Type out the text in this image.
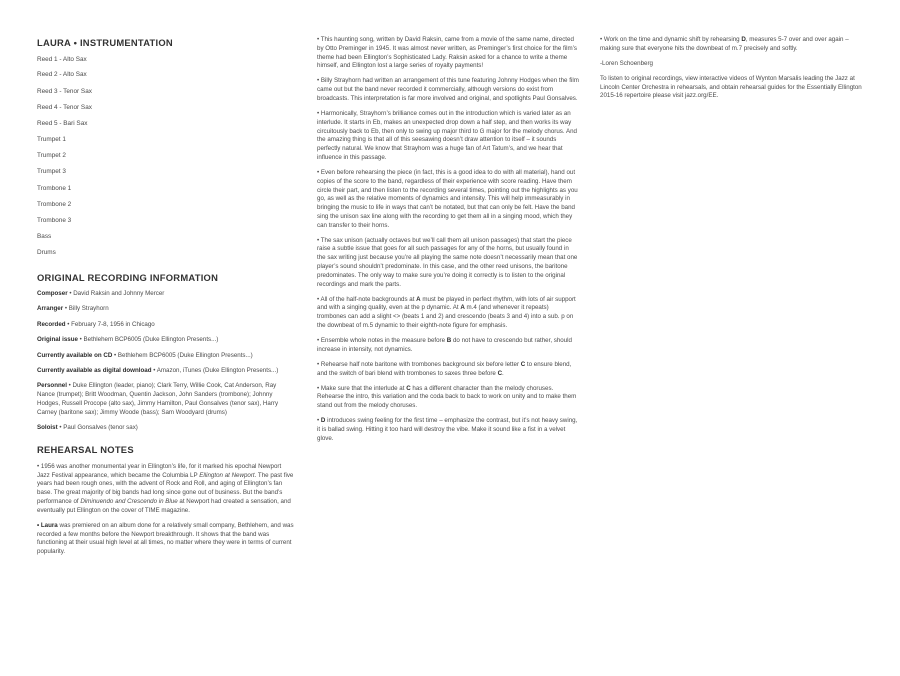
LAURA • INSTRUMENTATION
Reed 1 - Alto Sax
Reed 2 - Alto Sax
Reed 3 - Tenor Sax
Reed 4 - Tenor Sax
Reed 5 - Bari Sax
Trumpet 1
Trumpet 2
Trumpet 3
Trombone 1
Trombone 2
Trombone 3
Bass
Drums
ORIGINAL RECORDING INFORMATION

Composer • David Raksin and Johnny Mercer

Arranger • Billy Strayhorn

Recorded • February 7-8, 1956 in Chicago

Original issue • Bethlehem BCP6005 (Duke Ellington Presents...)

Currently available on CD • Bethlehem BCP6005 (Duke Ellington Presents...)

Currently available as digital download • Amazon, iTunes (Duke Ellington Presents...)

Personnel • Duke Ellington (leader, piano); Clark Terry, Willie Cook, Cat Anderson, Ray Nance (trumpet); Britt Woodman, Quentin Jackson, John Sanders (trombone); Johnny Hodges, Russell Procope (alto sax), Jimmy Hamilton, Paul Gonsalves (tenor sax), Harry Carney (baritone sax); Jimmy Woode (bass); Sam Woodyard (drums)

Soloist • Paul Gonsalves (tenor sax)

REHEARSAL NOTES

• 1956 was another monumental year in Ellington’s life, for it marked his epochal Newport Jazz Festival appearance, which became the Columbia LP Ellington at Newport. The past five years had been rough ones, with the advent of Rock and Roll, and aging of Ellington’s fan base. The great majority of big bands had long since gone out of business. But the band’s performance of Diminuendo and Crescendo in Blue at Newport had created a sensation, and eventually put Ellington on the cover of TIME magazine.

• Laura was premiered on an album done for a relatively small company, Bethlehem, and was recorded a few months before the Newport breakthrough. It shows that the band was functioning at their usual high level at all times, no matter where they were in terms of current popularity.

• This haunting song, written by David Raksin, came from a movie of the same name, directed by Otto Preminger in 1945. It was almost never written, as Preminger’s first choice for the film’s theme had been Ellington’s Sophisticated Lady. Raksin asked for a chance to write a theme himself, and Ellington lost a large series of royalty payments!

• Billy Strayhorn had written an arrangement of this tune featuring Johnny Hodges when the film came out but the band never recorded it commercially, although versions do exist from broadcasts. This interpretation is far more involved and original, and spotlights Paul Gonsalves.

• Harmonically, Strayhorn’s brilliance comes out in the introduction which is varied later as an interlude. It starts in Eb, makes an unexpected drop down a half step, and then works its way circuitously back to Eb, then only to swing up major third to G major for the melody chorus. And the amazing thing is that all of this seesawing doesn’t draw attention to itself – it sounds perfectly natural. We know that Strayhorn was a huge fan of Art Tatum’s, and we hear that influence in this passage.

• Even before rehearsing the piece (in fact, this is a good idea to do with all material), hand out copies of the score to the band, regardless of their experience with score reading. Have them circle their part, and then listen to the recording several times, pointing out the highlights as you go, as well as the relative moments of dynamics and intensity. This will help immeasurably in bringing the music to life in ways that can’t be notated, but that can only be felt. Have the band sing the unison sax line along with the recording to get them all in a singing mood, which they can transfer to their horns.

• The sax unison (actually octaves but we’ll call them all unison passages) that start the piece raise a subtle issue that goes for all such passages for any of the horns, but usually found in the sax writing just because you’re all playing the same note doesn’t necessarily mean that one player’s sound shouldn’t predominate. In this case, and the other reed unisons, the baritone predominates. The only way to make sure you’re doing it correctly is to listen to the original recordings and mark the parts.

• All of the half-note backgrounds at A must be played in perfect rhythm, with lots of air support and with a singing quality, even at the p dynamic. At A m.4 (and whenever it repeats) trombones can add a slight <> (beats 1 and 2) and crescendo (beats 3 and 4) into a sub. p on the downbeat of m.5 dynamic to their eighth-note figure for emphasis.

• Ensemble whole notes in the measure before B do not have to crescendo but rather, should increase in intensity, not dynamics.

• Rehearse half note baritone with trombones background six before letter C to ensure blend, and the switch of bari blend with trombones to saxes three before C.

• Make sure that the interlude at C has a different character than the melody choruses. Rehearse the intro, this variation and the coda back to back to work on unity and to make them stand out from the melody choruses.

• D introduces swing feeling for the first time – emphasize the contrast, but it’s not heavy swing, it is ballad swing. Hitting it too hard will destroy the vibe. Make it sound like a fist in a velvet glove.

• Work on the time and dynamic shift by rehearsing D, measures 5-7 over and over again – making sure that everyone hits the downbeat of m.7 precisely and softly.

-Loren Schoenberg

To listen to original recordings, view interactive videos of Wynton Marsalis leading the Jazz at Lincoln Center Orchestra in rehearsals, and obtain rehearsal guides for the Essentially Ellington 2015-16 repertoire please visit jazz.org/EE.
